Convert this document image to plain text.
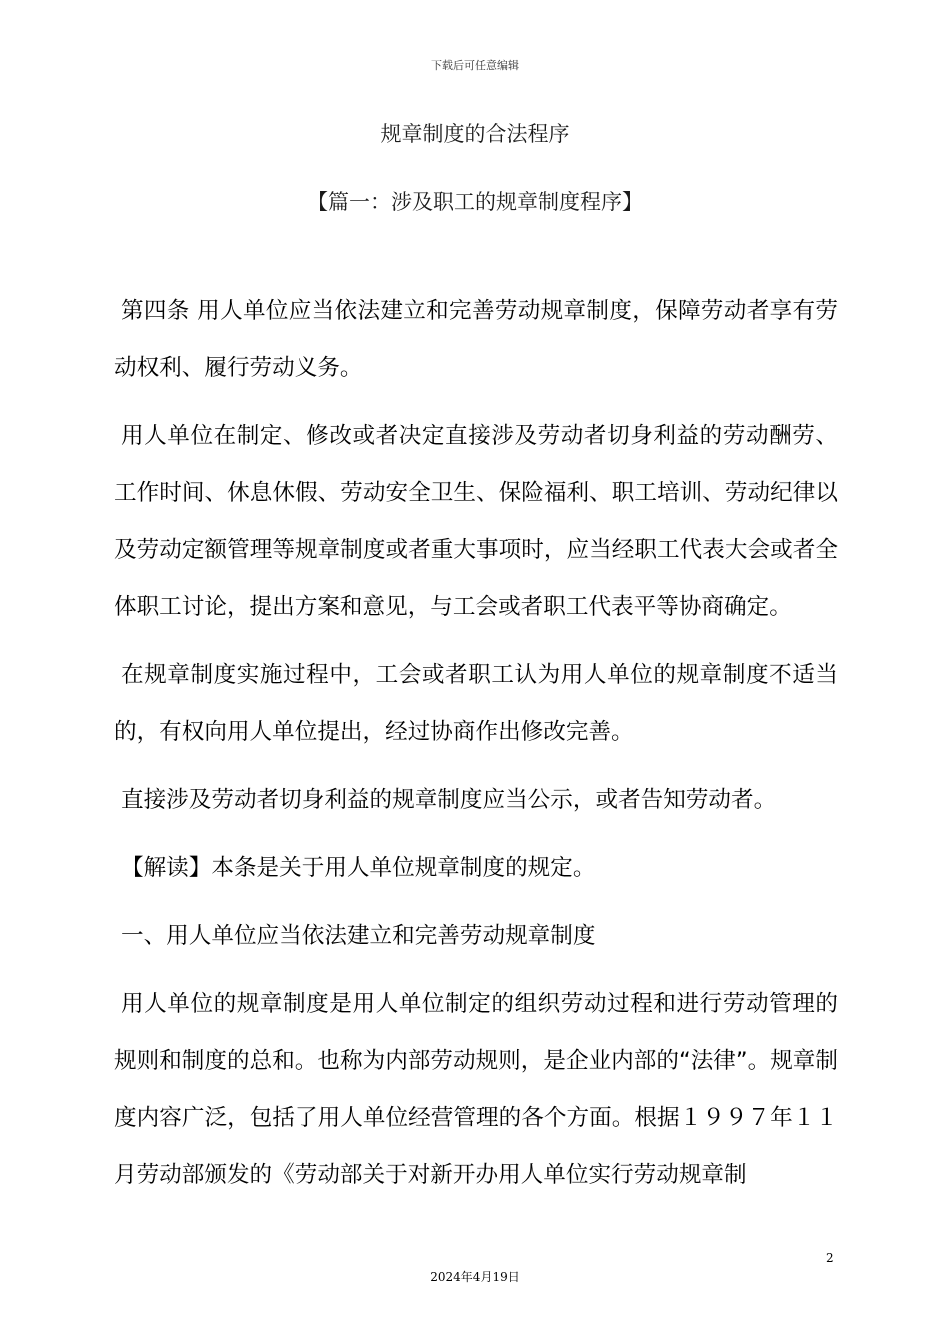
下载后可任意编辑
规章制度的合法程序
【篇一：涉及职工的规章制度程序】

第四条 用人单位应当依法建立和完善劳动规章制度，保障劳动者享有劳动权利、履行劳动义务。

用人单位在制定、修改或者决定直接涉及劳动者切身利益的劳动酬劳、工作时间、休息休假、劳动安全卫生、保险福利、职工培训、劳动纪律以及劳动定额管理等规章制度或者重大事项时，应当经职工代表大会或者全体职工讨论，提出方案和意见，与工会或者职工代表平等协商确定。

在规章制度实施过程中，工会或者职工认为用人单位的规章制度不适当的，有权向用人单位提出，经过协商作出修改完善。

直接涉及劳动者切身利益的规章制度应当公示，或者告知劳动者。

【解读】本条是关于用人单位规章制度的规定。

一、用人单位应当依法建立和完善劳动规章制度

用人单位的规章制度是用人单位制定的组织劳动过程和进行劳动管理的规则和制度的总和。也称为内部劳动规则，是企业内部的“法律”。规章制度内容广泛，包括了用人单位经营管理的各个方面。根据１９９７年１１月劳动部颁发的《劳动部关于对新开办用人单位实行劳动规章制

2
2024年4月19日
